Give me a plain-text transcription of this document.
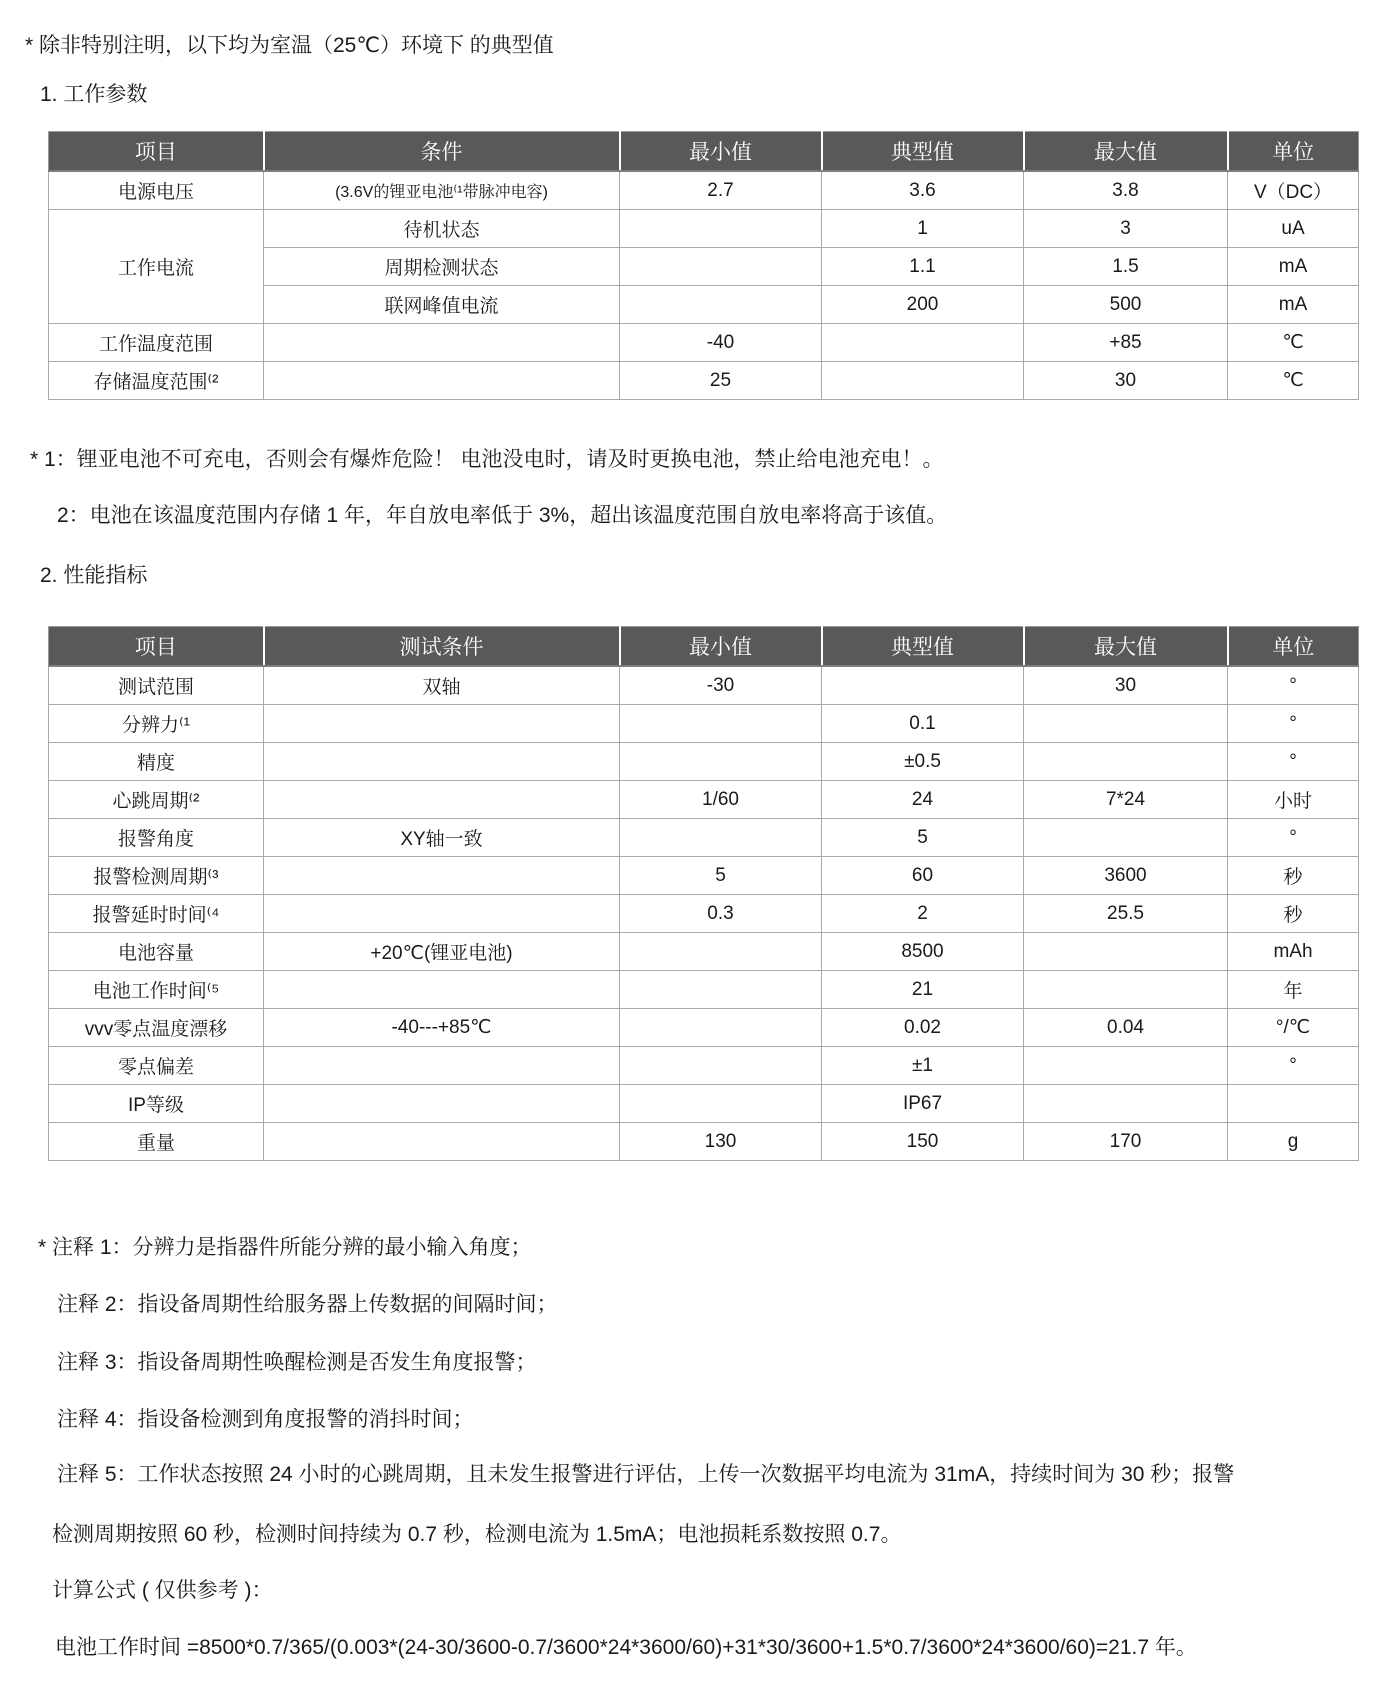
* 除非特别注明，以下均为室温（25℃）环境下 的典型值
1. 工作参数
项目	条件	最小值	典型值	最大值	单位
电源电压	(3.6V的锂亚电池⁽¹带脉冲电容)	2.7	3.6	3.8	V（DC）
工作电流	待机状态		1	3	uA
	周期检测状态		1.1	1.5	mA
	联网峰值电流		200	500	mA
工作温度范围		-40		+85	℃
存储温度范围⁽²		25		30	℃
* 1：锂亚电池不可充电，否则会有爆炸危险！ 电池没电时，请及时更换电池，禁止给电池充电！。
2：电池在该温度范围内存储 1 年，年自放电率低于 3%，超出该温度范围自放电率将高于该值。
2. 性能指标
项目	测试条件	最小值	典型值	最大值	单位
测试范围	双轴	-30		30	°
分辨力⁽¹			0.1		°
精度			±0.5		°
心跳周期⁽²		1/60	24	7*24	小时
报警角度	XY轴一致		5		°
报警检测周期⁽³		5	60	3600	秒
报警延时时间⁽⁴		0.3	2	25.5	秒
电池容量	+20℃(锂亚电池)		8500		mAh
电池工作时间⁽⁵			21		年
vvv零点温度漂移	-40---+85℃		0.02	0.04	°/℃
零点偏差			±1		°
IP等级			IP67		
重量		130	150	170	g
* 注释 1：分辨力是指器件所能分辨的最小输入角度；
注释 2：指设备周期性给服务器上传数据的间隔时间；
注释 3：指设备周期性唤醒检测是否发生角度报警；
注释 4：指设备检测到角度报警的消抖时间；
注释 5：工作状态按照 24 小时的心跳周期，且未发生报警进行评估，上传一次数据平均电流为 31mA，持续时间为 30 秒；报警
检测周期按照 60 秒，检测时间持续为 0.7 秒，检测电流为 1.5mA；电池损耗系数按照 0.7。
计算公式 ( 仅供参考 )：
电池工作时间 =8500*0.7/365/(0.003*(24-30/3600-0.7/3600*24*3600/60)+31*30/3600+1.5*0.7/3600*24*3600/60)=21.7 年。
